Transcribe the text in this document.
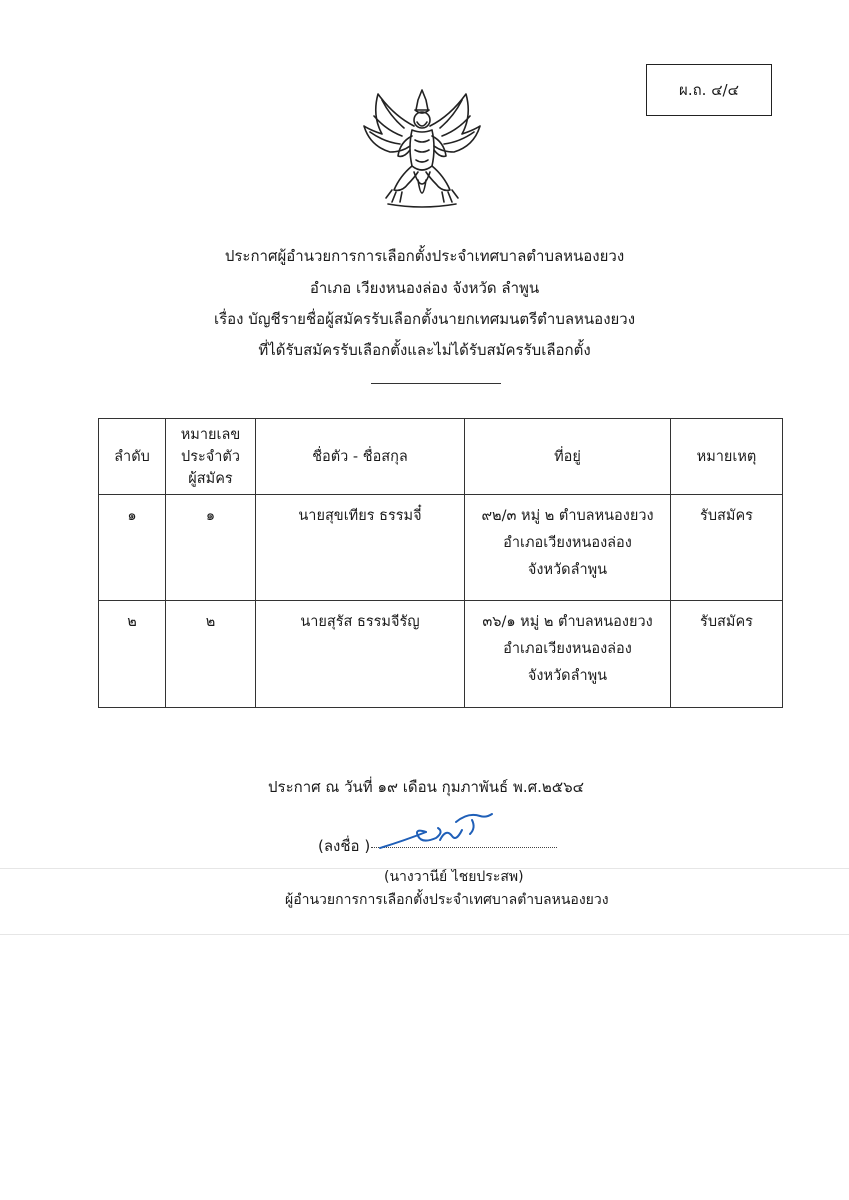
ผ.ถ. ๔/๔
ประกาศผู้อำนวยการการเลือกตั้งประจำเทศบาลตำบลหนองยวง
อำเภอ เวียงหนองล่อง จังหวัด ลำพูน
เรื่อง บัญชีรายชื่อผู้สมัครรับเลือกตั้งนายกเทศมนตรีตำบลหนองยวง
ที่ได้รับสมัครรับเลือกตั้งและไม่ได้รับสมัครรับเลือกตั้ง
ลำดับ	หมายเลข
ประจำตัว
ผู้สมัคร	ชื่อตัว - ชื่อสกุล	ที่อยู่	หมายเหตุ
๑	๑	นายสุขเทียร ธรรมจี๋	๙๒/๓ หมู่ ๒ ตำบลหนองยวง
อำเภอเวียงหนองล่อง
จังหวัดลำพูน	รับสมัคร
๒	๒	นายสุรัส ธรรมจีรัญ	๓๖/๑ หมู่ ๒ ตำบลหนองยวง
อำเภอเวียงหนองล่อง
จังหวัดลำพูน	รับสมัคร
ประกาศ ณ วันที่ ๑๙ เดือน กุมภาพันธ์ พ.ศ.๒๕๖๔
(ลงชื่อ )
(นางวานีย์ ไชยประสพ)
ผู้อำนวยการการเลือกตั้งประจำเทศบาลตำบลหนองยวง
